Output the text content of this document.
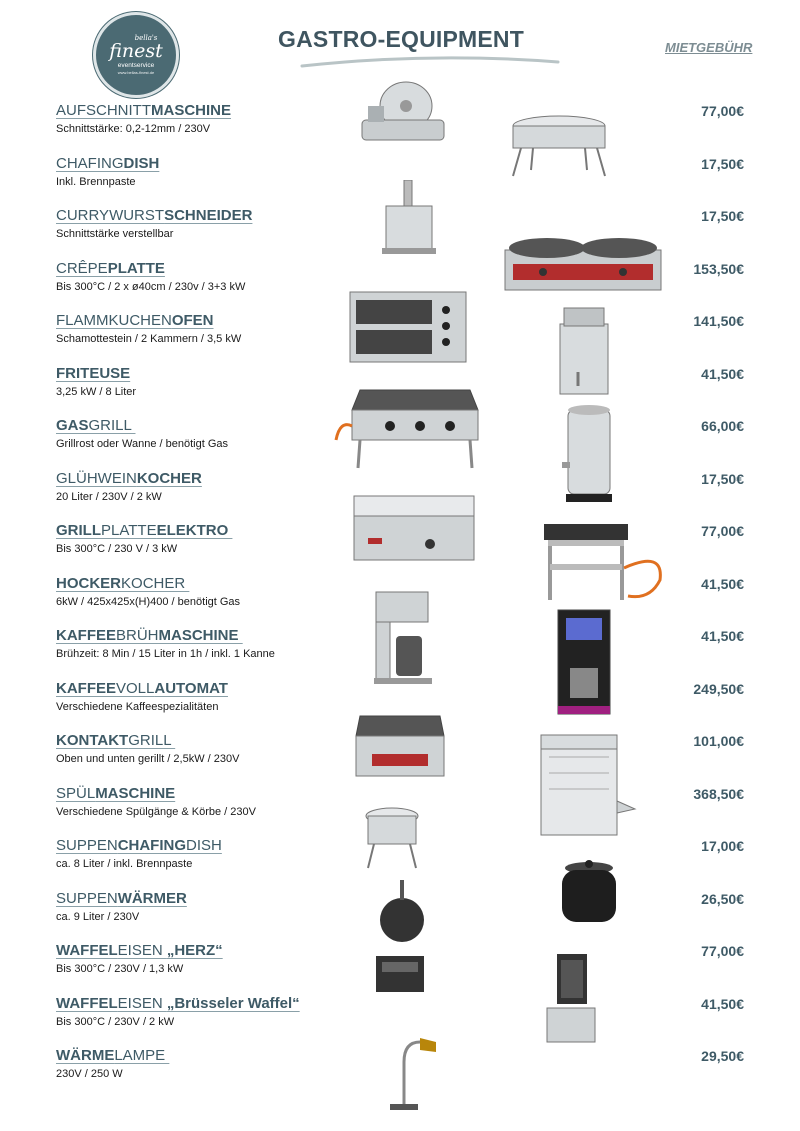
bella's
finest
eventservice
www.bellas-finest.de
GASTRO-EQUIPMENT	MIETGEBÜHR
AUFSCHNITTMASCHINE
Schnittstärke: 0,2-12mm / 230V
77,00€
CHAFINGDISH
Inkl. Brennpaste
17,50€
CURRYWURSTSCHNEIDER
Schnittstärke verstellbar
17,50€
CRÊPEPLATTE
Bis 300°C / 2 x ø40cm / 230v / 3+3 kW
153,50€
FLAMMKUCHENOFEN
Schamottestein / 2 Kammern / 3,5 kW
141,50€
FRITEUSE
3,25 kW / 8 Liter
41,50€
GASGRILL
Grillrost oder Wanne / benötigt Gas
66,00€
GLÜHWEINKOCHER
20 Liter / 230V / 2 kW
17,50€
GRILLPLATTEELEKTRO
Bis 300°C / 230 V / 3 kW
77,00€
HOCKERKOCHER
6kW / 425x425x(H)400 / benötigt Gas
41,50€
KAFFEEBRÜHMASCHINE
Brühzeit: 8 Min / 15 Liter in 1h / inkl. 1 Kanne
41,50€
KAFFEEVOLLAUTOMAT
Verschiedene Kaffeespezialitäten
249,50€
KONTAKTGRILL
Oben und unten gerillt / 2,5kW / 230V
101,00€
SPÜLMASCHINE
Verschiedene Spülgänge & Körbe / 230V
368,50€
SUPPENCHAFINGDISH
ca. 8 Liter / inkl. Brennpaste
17,00€
SUPPENWÄRMER
ca. 9 Liter / 230V
26,50€
WAFFELEISEN „HERZ“
Bis 300°C / 230V / 1,3 kW
77,00€
WAFFELEISEN „Brüsseler Waffel“
Bis 300°C / 230V / 2 kW
41,50€
WÄRMELAMPE
230V / 250 W
29,50€
